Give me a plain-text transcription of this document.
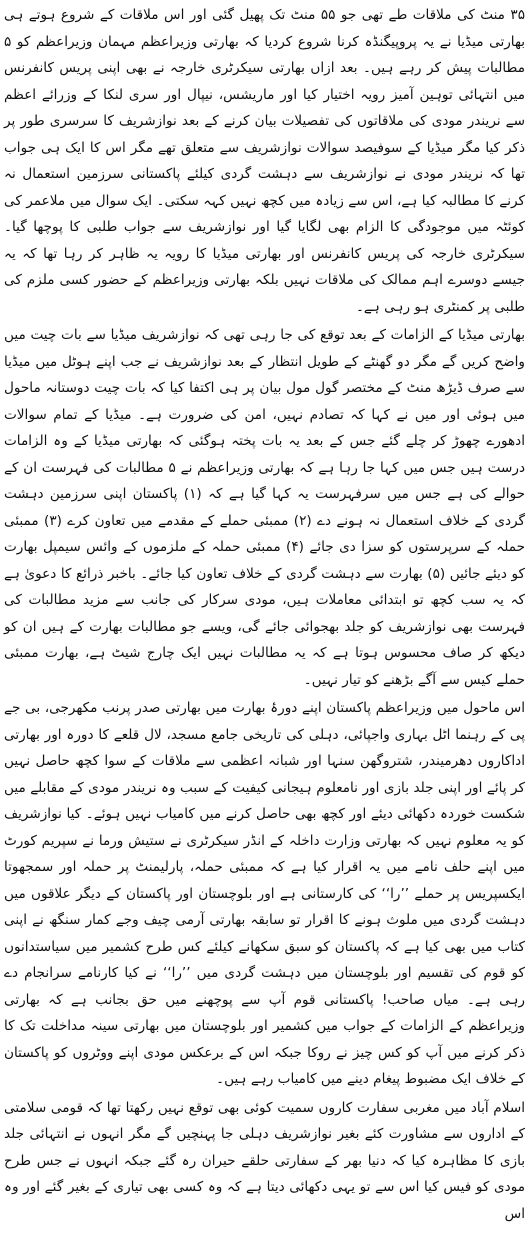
۳۵ منٹ کی ملاقات طے تھی جو ۵۵ منٹ تک پھیل گئی اور اس ملاقات کے شروع ہوتے ہی بھارتی میڈیا نے یہ پروپیگنڈہ کرنا شروع کردیا کہ بھارتی وزیراعظم مہمان وزیراعظم کو ۵ مطالبات پیش کر رہے ہیں۔ بعد ازاں بھارتی سیکرٹری خارجہ نے بھی اپنی پریس کانفرنس میں انتہائی توہین آمیز رویہ اختیار کیا اور ماریشس، نیپال اور سری لنکا کے وزرائے اعظم سے نریندر مودی کی ملاقاتوں کی تفصیلات بیان کرنے کے بعد نوازشریف کا سرسری طور پر ذکر کیا مگر میڈیا کے سوفیصد سوالات نوازشریف سے متعلق تھے مگر اس کا ایک ہی جواب تھا کہ نریندر مودی نے نوازشریف سے دہشت گردی کیلئے پاکستانی سرزمین استعمال نہ کرنے کا مطالبہ کیا ہے، اس سے زیادہ میں کچھ نہیں کہہ سکتی۔ ایک سوال میں ملاعمر کی کوئٹہ میں موجودگی کا الزام بھی لگایا گیا اور نوازشریف سے جواب طلبی کا پوچھا گیا۔ سیکرٹری خارجہ کی پریس کانفرنس اور بھارتی میڈیا کا رویہ یہ ظاہر کر رہا تھا کہ یہ جیسے دوسرے اہم ممالک کی ملاقات نہیں بلکہ بھارتی وزیراعظم کے حضور کسی ملزم کی طلبی پر کمنٹری ہو رہی ہے۔

بھارتی میڈیا کے الزامات کے بعد توقع کی جا رہی تھی کہ نوازشریف میڈیا سے بات چیت میں واضح کریں گے مگر دو گھنٹے کے طویل انتظار کے بعد نوازشریف نے جب اپنے ہوٹل میں میڈیا سے صرف ڈیڑھ منٹ کے مختصر گول مول بیان پر ہی اکتفا کیا کہ بات چیت دوستانہ ماحول میں ہوئی اور میں نے کہا کہ تصادم نہیں، امن کی ضرورت ہے۔ میڈیا کے تمام سوالات ادھورے چھوڑ کر چلے گئے جس کے بعد یہ بات پختہ ہوگئی کہ بھارتی میڈیا کے وہ الزامات درست ہیں جس میں کہا جا رہا ہے کہ بھارتی وزیراعظم نے ۵ مطالبات کی فہرست ان کے حوالے کی ہے جس میں سرفہرست یہ کہا گیا ہے کہ (۱) پاکستان اپنی سرزمین دہشت گردی کے خلاف استعمال نہ ہونے دے (۲) ممبئی حملے کے مقدمے میں تعاون کرے (۳) ممبئی حملہ کے سرپرستوں کو سزا دی جائے (۴) ممبئی حملہ کے ملزموں کے وائس سیمپل بھارت کو دیئے جائیں (۵) بھارت سے دہشت گردی کے خلاف تعاون کیا جائے۔ باخبر ذرائع کا دعویٰ ہے کہ یہ سب کچھ تو ابتدائی معاملات ہیں، مودی سرکار کی جانب سے مزید مطالبات کی فہرست بھی نوازشریف کو جلد بھجوائی جائے گی، ویسے جو مطالبات بھارت کے ہیں ان کو دیکھ کر صاف محسوس ہوتا ہے کہ یہ مطالبات نہیں ایک چارج شیٹ ہے، بھارت ممبئی حملے کیس سے آگے بڑھنے کو تیار نہیں۔

اس ماحول میں وزیراعظم پاکستان اپنے دورۂ بھارت میں بھارتی صدر پرنب مکھرجی، بی جے پی کے رہنما اٹل بہاری واجپائی، دہلی کی تاریخی جامع مسجد، لال قلعے کا دورہ اور بھارتی اداکاروں دھرمیندر، شتروگھن سنہا اور شبانہ اعظمی سے ملاقات کے سوا کچھ حاصل نہیں کر پائے اور اپنی جلد بازی اور نامعلوم ہیجانی کیفیت کے سبب وہ نریندر مودی کے مقابلے میں شکست خوردہ دکھائی دیئے اور کچھ بھی حاصل کرنے میں کامیاب نہیں ہوئے۔ کیا نوازشریف کو یہ معلوم نہیں کہ بھارتی وزارت داخلہ کے انڈر سیکرٹری نے ستیش ورما نے سپریم کورٹ میں اپنے حلف نامے میں یہ اقرار کیا ہے کہ ممبئی حملہ، پارلیمنٹ پر حملہ اور سمجھوتا ایکسپریس پر حملے ’’را‘‘ کی کارستانی ہے اور بلوچستان اور پاکستان کے دیگر علاقوں میں دہشت گردی میں ملوث ہونے کا اقرار تو سابقہ بھارتی آرمی چیف وجے کمار سنگھ نے اپنی کتاب میں بھی کیا ہے کہ پاکستان کو سبق سکھانے کیلئے کس طرح کشمیر میں سیاستدانوں کو قوم کی تقسیم اور بلوچستان میں دہشت گردی میں ’’را‘‘ نے کیا کارنامے سرانجام دے رہی ہے۔ میاں صاحب! پاکستانی قوم آپ سے پوچھنے میں حق بجانب ہے کہ بھارتی وزیراعظم کے الزامات کے جواب میں کشمیر اور بلوچستان میں بھارتی سینہ مداخلت تک کا ذکر کرنے میں آپ کو کس چیز نے روکا جبکہ اس کے برعکس مودی اپنے ووٹروں کو پاکستان کے خلاف ایک مضبوط پیغام دینے میں کامیاب رہے ہیں۔

اسلام آباد میں مغربی سفارت کاروں سمیت کوئی بھی توقع نہیں رکھتا تھا کہ قومی سلامتی کے اداروں سے مشاورت کئے بغیر نوازشریف دہلی جا پہنچیں گے مگر انہوں نے انتہائی جلد بازی کا مظاہرہ کیا کہ دنیا بھر کے سفارتی حلقے حیران رہ گئے جبکہ انہوں نے جس طرح مودی کو فیس کیا اس سے تو یہی دکھائی دیتا ہے کہ وہ کسی بھی تیاری کے بغیر گئے اور وہ اس
